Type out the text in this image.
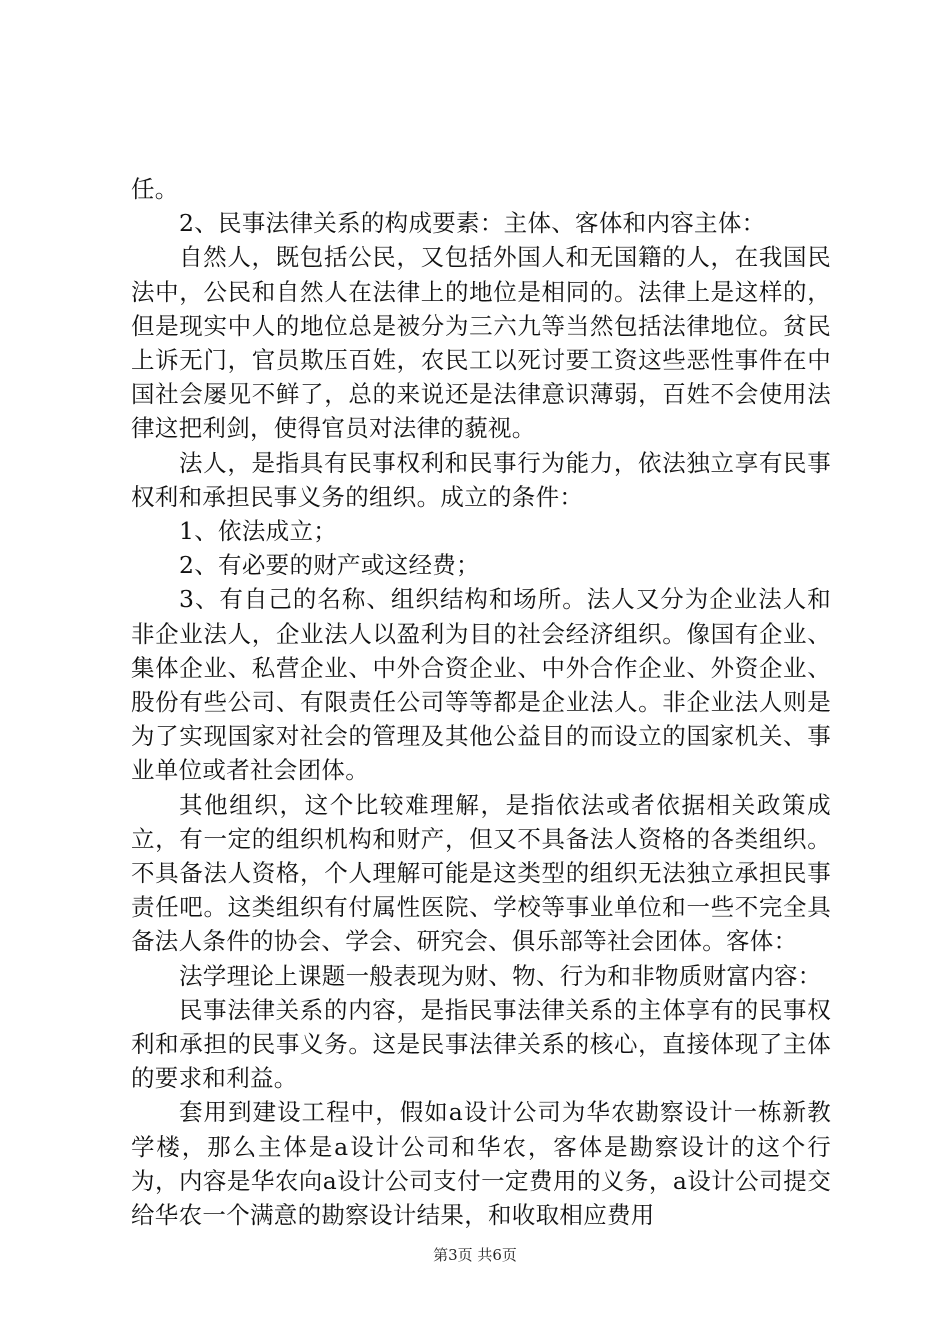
任。

2、民事法律关系的构成要素：主体、客体和内容主体：

自然人，既包括公民，又包括外国人和无国籍的人，在我国民法中，公民和自然人在法律上的地位是相同的。法律上是这样的，但是现实中人的地位总是被分为三六九等当然包括法律地位。贫民上诉无门，官员欺压百姓，农民工以死讨要工资这些恶性事件在中国社会屡见不鲜了，总的来说还是法律意识薄弱，百姓不会使用法律这把利剑，使得官员对法律的藐视。

法人，是指具有民事权利和民事行为能力，依法独立享有民事权利和承担民事义务的组织。成立的条件：

1、依法成立；

2、有必要的财产或这经费；

3、有自己的名称、组织结构和场所。法人又分为企业法人和非企业法人，企业法人以盈利为目的社会经济组织。像国有企业、集体企业、私营企业、中外合资企业、中外合作企业、外资企业、股份有些公司、有限责任公司等等都是企业法人。非企业法人则是为了实现国家对社会的管理及其他公益目的而设立的国家机关、事业单位或者社会团体。

其他组织，这个比较难理解，是指依法或者依据相关政策成立，有一定的组织机构和财产，但又不具备法人资格的各类组织。不具备法人资格，个人理解可能是这类型的组织无法独立承担民事责任吧。这类组织有付属性医院、学校等事业单位和一些不完全具备法人条件的协会、学会、研究会、俱乐部等社会团体。客体：

法学理论上课题一般表现为财、物、行为和非物质财富内容：

民事法律关系的内容，是指民事法律关系的主体享有的民事权利和承担的民事义务。这是民事法律关系的核心，直接体现了主体的要求和利益。

套用到建设工程中，假如a设计公司为华农勘察设计一栋新教学楼，那么主体是a设计公司和华农，客体是勘察设计的这个行为，内容是华农向a设计公司支付一定费用的义务，a设计公司提交给华农一个满意的勘察设计结果，和收取相应费用

第3页 共6页
